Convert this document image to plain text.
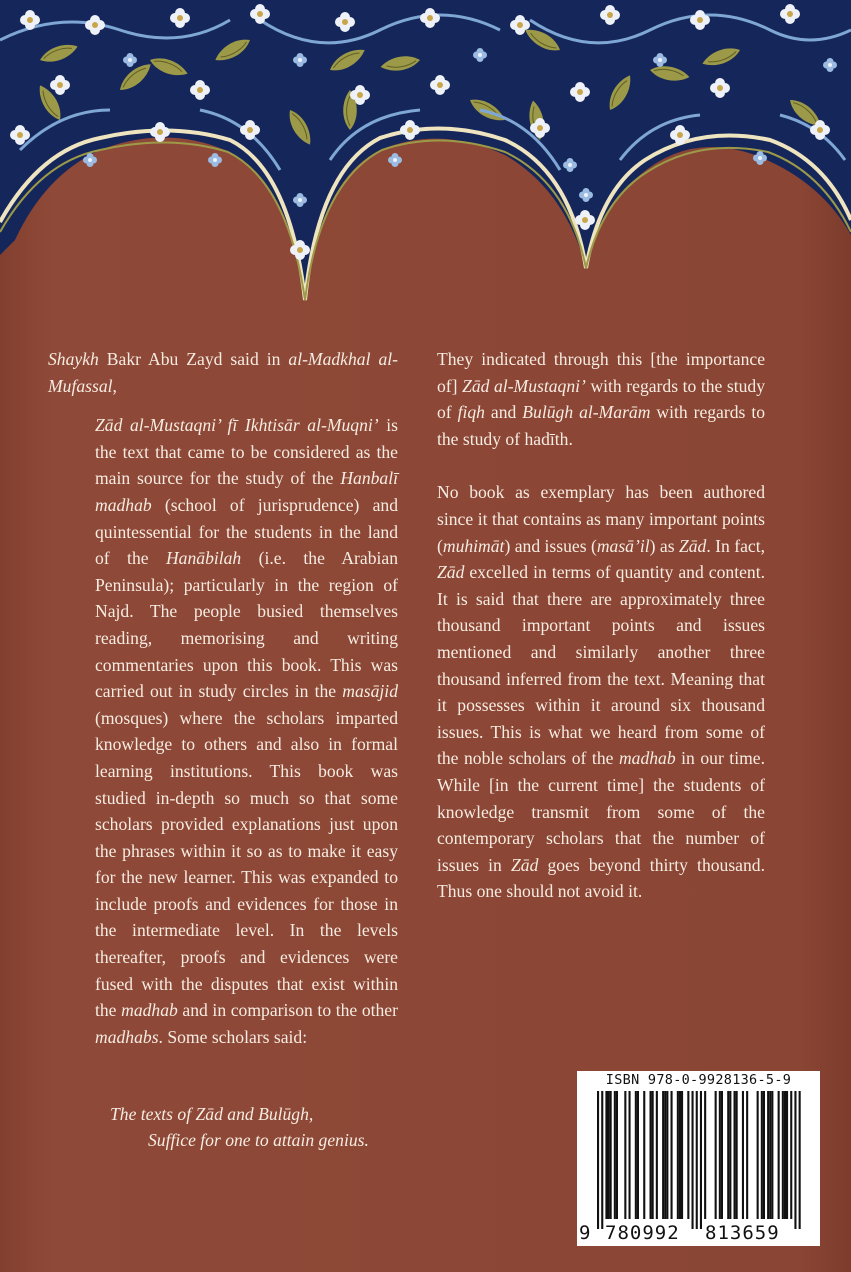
Shaykh Bakr Abu Zayd said in al-Madkhal al-Mufassal,

Zād al-Mustaqni’ fī Ikhtisār al-Muqni’ is the text that came to be considered as the main source for the study of the Hanbalī madhab (school of jurisprudence) and quintessential for the students in the land of the Hanābilah (i.e. the Arabian Peninsula); particularly in the region of Najd. The people busied themselves reading, memorising and writing commentaries upon this book. This was carried out in study circles in the masājid (mosques) where the scholars imparted knowledge to others and also in formal learning institutions. This book was studied in-depth so much so that some scholars provided explanations just upon the phrases within it so as to make it easy for the new learner. This was expanded to include proofs and evidences for those in the intermediate level. In the levels thereafter, proofs and evidences were fused with the disputes that exist within the madhab and in comparison to the other madhabs. Some scholars said:

The texts of Zād and Bulūgh,
Suffice for one to attain genius.

They indicated through this [the importance of] Zād al-Mustaqni’ with regards to the study of fiqh and Bulūgh al-Marām with regards to the study of hadīth.

No book as exemplary has been authored since it that contains as many important points (muhimāt) and issues (masā’il) as Zād. In fact, Zād excelled in terms of quantity and content. It is said that there are approximately three thousand important points and issues mentioned and similarly another three thousand inferred from the text. Meaning that it possesses within it around six thousand issues. This is what we heard from some of the noble scholars of the madhab in our time. While [in the current time] the students of knowledge transmit from some of the contemporary scholars that the number of issues in Zād goes beyond thirty thousand. Thus one should not avoid it.

ISBN 978-0-9928136-5-9
9 780992 813659
